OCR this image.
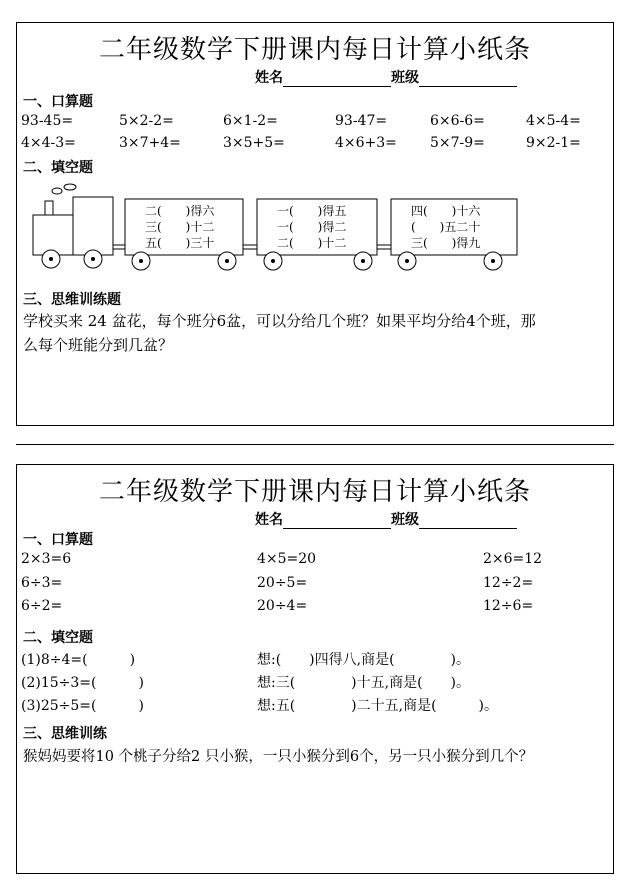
二年级数学下册课内每日计算小纸条
姓名	班级
一、口算题
93-45=	5×2-2=	6×1-2=	93-47=	6×6-6=	4×5-4=
4×4-3=	3×7+4=	3×5+5=	4×6+3= 5×7-9=	9×2-1=
二、填空题
二(　　)得六
三(　　)十二
五(　　)三十
一(　　)得五
一(　　)得二
二(　　)十二
四(　　)十六
(　　)五二十
三(　　)得九
三、思维训练题
学校买来 24 盆花，每个班分6盆，可以分给几个班？如果平均分给4个班，那
么每个班能分到几盆？
二年级数学下册课内每日计算小纸条
姓名	班级
一、口算题
2×3=6	4×5=20	2×6=12
6÷3=	20÷5=	12÷2=
6÷2=	20÷4=	12÷6=
二、填空题
(1)8÷4=(　　　)	想:(　　)四得八,商是(　　　　)。
(2)15÷3=(　　　)	想:三(　　　　)十五,商是(　　)。
(3)25÷5=(　　　)	想:五(　　　　)二十五,商是(　　　)。
三、思维训练
猴妈妈要将10 个桃子分给2 只小猴，一只小猴分到6个，另一只小猴分到几个？
